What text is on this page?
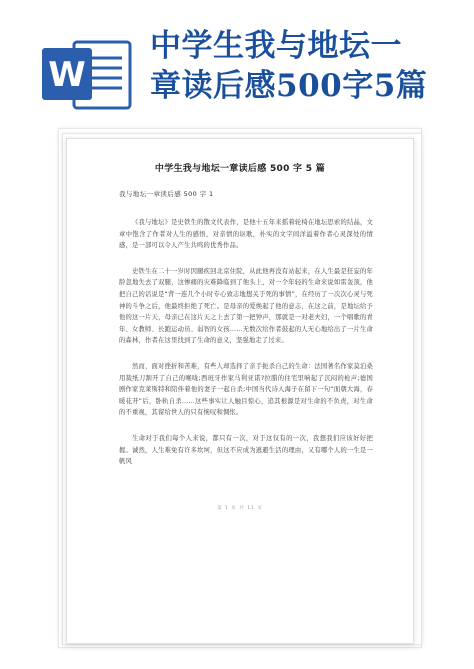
W
中学生我与地坛一
章读后感500字5篇
中学生我与地坛一章读后感 500 字 5 篇
我与地坛一章读后感 500 字 1

《我与地坛》是史铁生的散文代表作，是他十五年来摇着轮椅在地坛思索的结晶，文章中饱含了作者对人生的感悟，对亲情的讴歌，朴实的文字间洋溢着作者心灵深处的情感，是一部可以令人产生共鸣的优秀作品。

史铁生在二十一岁时因腿疾回北京住院，从此他再没有站起来，在人生最是狂妄的年龄忽地失去了双腿，这惨痛的灾难降临到了他头上，对一个年轻的生命来说如雷轰顶，他把自己的话说是“背一连几个小时专心致志地想关于死的事情”，在经历了一次次心灵与死神的斗争之后，他最终拒绝了死亡。是母亲的爱焕起了他的意志，在这之前，是地坛给予他的这一片天，母亲已在这片天之上去了第一把钟声，那就是一对老夫妇，一个唱歌的青年、女教师、长跑运动员、弱智的女孩……无数次给作者鼓起的人无心地给出了一片生命的森林，作者在这里找到了生命的意义，坚强地走了过来。

然而，面对挫折和苦难，有些人却选择了亲手扼杀自己的生命：法国著名作家莫泊桑用裁纸刀割开了自己的喉咙;西班牙作家马利亚诺?拉腊的住宅里响起了沉闷的枪声;德国剧作家克莱斯特和陪伴着他的妻子一起自杀;中国当代诗人海子在留下一句“面朝大海，春暖花开”后，卧轨自杀……这些事实让人触目惊心，追其根源是对生命的不负责，对生命的不重视，其留给世人的只有惋叹和惆怅。

生命对于我们每个人来说，都只有一次，对于这仅有的一次，我想我们应该好好把握。诚然，人生难免有许多坎坷，但这不应成为逃避生活的理由，又有哪个人的一生是一帆风

第 1 页 共 11 页
